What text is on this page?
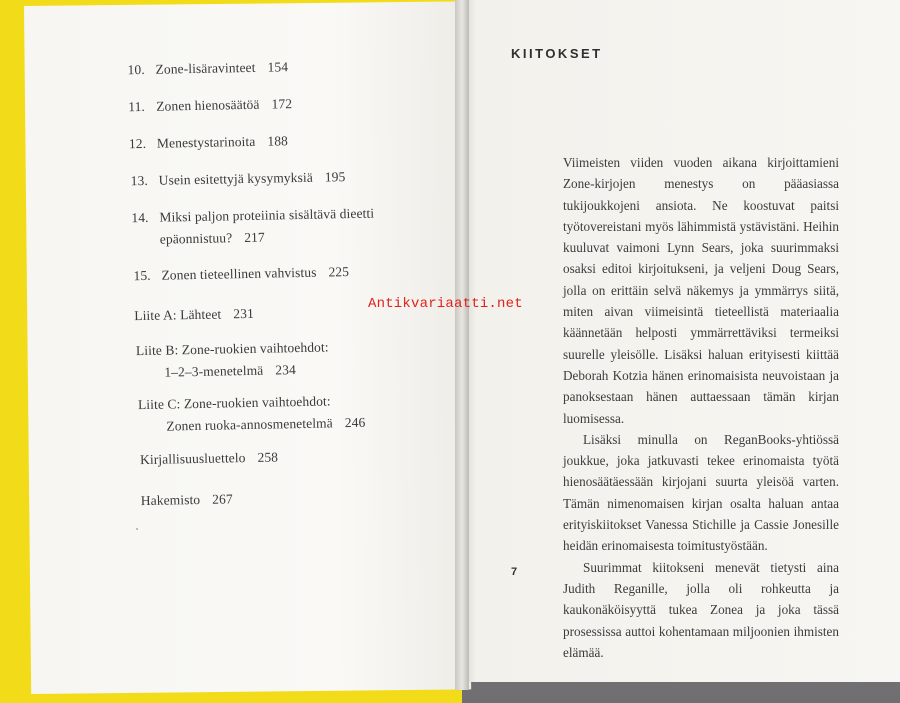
10. Zone-lisäravinteet 154
11. Zonen hienosäätöä 172
12. Menestystarinoita 188
13. Usein esitettyjä kysymyksiä 195
14. Miksi paljon proteiinia sisältävä dieetti
epäonnistuu? 217
15. Zonen tieteellinen vahvistus 225
Liite A: Lähteet 231
Liite B: Zone-ruokien vaihtoehdot:
1–2–3-menetelmä 234
Liite C: Zone-ruokien vaihtoehdot:
Zonen ruoka-annosmenetelmä 246
Kirjallisuusluettelo 258
Hakemisto 267
KIITOKSET

Viimeisten viiden vuoden aikana kirjoittamieni Zone-kirjojen menestys on pääasiassa tukijoukkojeni ansiota. Ne koostuvat paitsi työtovereistani myös lähimmistä ystävistäni. Heihin kuuluvat vaimoni Lynn Sears, joka suurimmaksi osaksi editoi kirjoitukseni, ja veljeni Doug Sears, jolla on erittäin selvä näkemys ja ymmärrys siitä, miten aivan viimeisintä tieteellistä materiaalia käännetään helposti ymmärrettäviksi termeiksi suurelle yleisölle. Lisäksi haluan erityisesti kiittää Deborah Kotzia hänen erinomaisista neuvoistaan ja panoksestaan hänen auttaessaan tämän kirjan luomisessa.

Lisäksi minulla on ReganBooks-yhtiössä joukkue, joka jatkuvasti tekee erinomaista työtä hienosäätäessään kirjojani suurta yleisöä varten. Tämän nimenomaisen kirjan osalta haluan antaa erityiskiitokset Vanessa Stichille ja Cassie Jonesille heidän erinomaisesta toimitustyöstään.

Suurimmat kiitokseni menevät tietysti aina Judith Reganille, jolla oli rohkeutta ja kaukonäköisyyttä tukea Zonea ja joka tässä prosessissa auttoi kohentamaan miljoonien ihmisten elämää.

7
Antikvariaatti.net
